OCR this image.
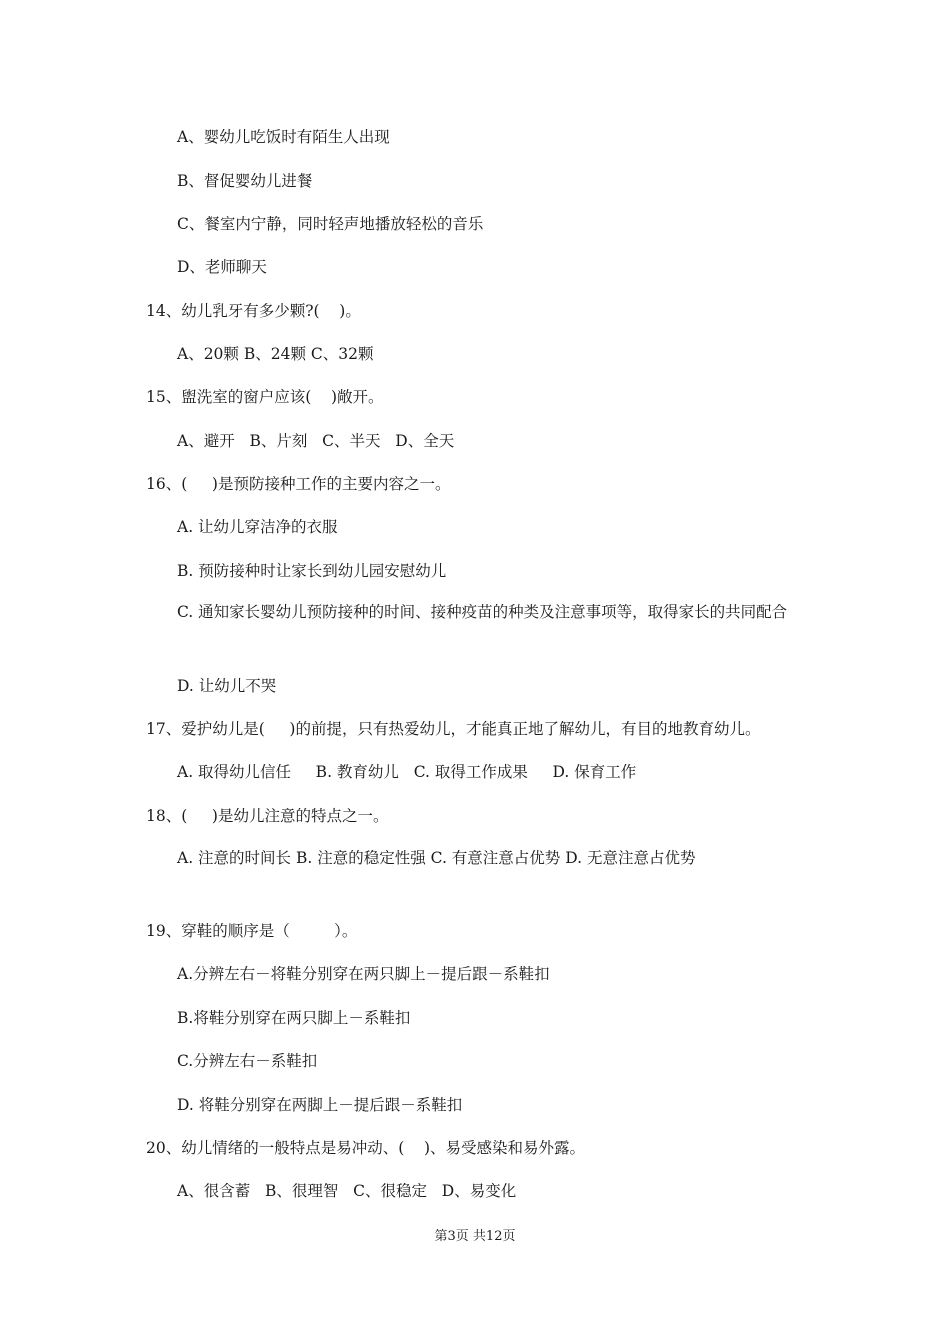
A、婴幼儿吃饭时有陌生人出现
B、督促婴幼儿进餐
C、餐室内宁静，同时轻声地播放轻松的音乐
D、老师聊天
14、幼儿乳牙有多少颗?(    )。
A、20颗 B、24颗 C、32颗
15、盥洗室的窗户应该(    )敞开。
A、避开   B、片刻   C、半天   D、全天
16、(     )是预防接种工作的主要内容之一。
A. 让幼儿穿洁净的衣服
B. 预防接种时让家长到幼儿园安慰幼儿
C. 通知家长婴幼儿预防接种的时间、接种疫苗的种类及注意事项等，取得家长的共同配合
D. 让幼儿不哭
17、爱护幼儿是(     )的前提，只有热爱幼儿，才能真正地了解幼儿，有目的地教育幼儿。
A. 取得幼儿信任     B. 教育幼儿   C. 取得工作成果     D. 保育工作
18、(     )是幼儿注意的特点之一。
A. 注意的时间长 B. 注意的稳定性强 C. 有意注意占优势 D. 无意注意占优势
19、穿鞋的顺序是（         ）。
A.分辨左右－将鞋分别穿在两只脚上－提后跟－系鞋扣
B.将鞋分别穿在两只脚上－系鞋扣
C.分辨左右－系鞋扣
D. 将鞋分别穿在两脚上－提后跟－系鞋扣
20、幼儿情绪的一般特点是易冲动、(    )、易受感染和易外露。
A、很含蓄   B、很理智   C、很稳定   D、易变化
第3页 共12页
